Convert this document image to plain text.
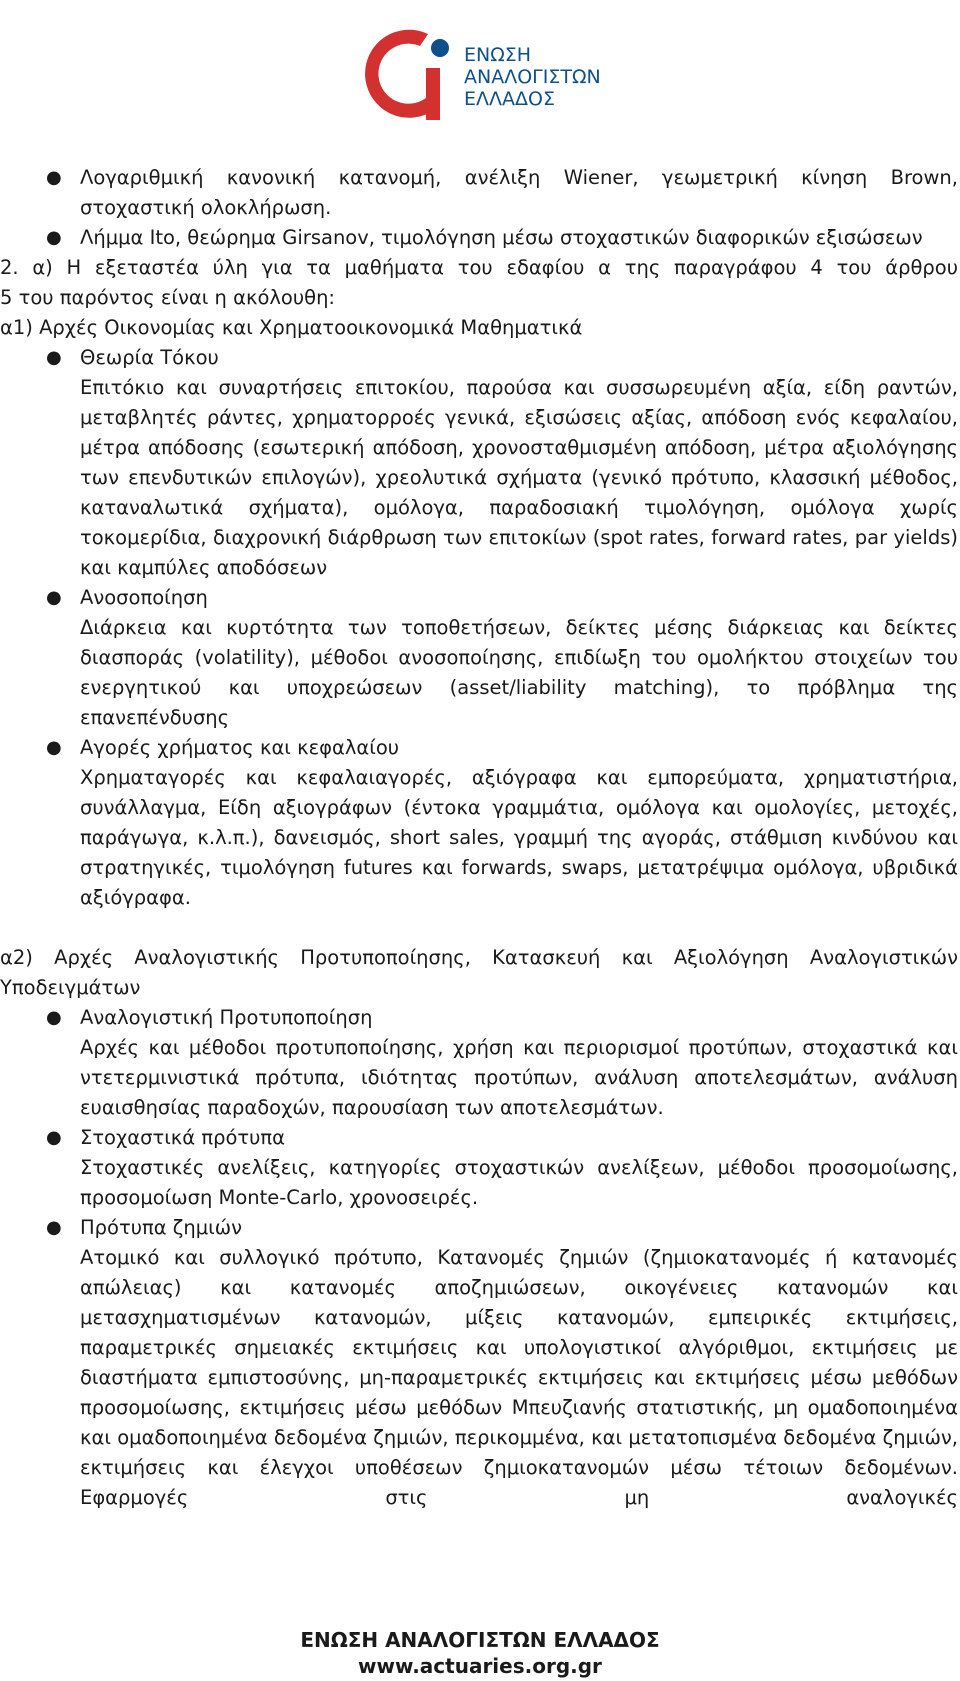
ΕΝΩΣΗ
ΑΝΑΛΟΓΙΣΤΩΝ
ΕΛΛΑΔΟΣ
● Λογαριθμική κανονική κατανομή, ανέλιξη Wiener, γεωμετρική κίνηση Brown, στοχαστική ολοκλήρωση.
● Λήμμα Ito, θεώρημα Girsanov, τιμολόγηση μέσω στοχαστικών διαφορικών εξισώσεων
2. α) Η εξεταστέα ύλη για τα μαθήματα του εδαφίου α της παραγράφου 4 του άρθρου
5 του παρόντος είναι η ακόλουθη:
α1) Αρχές Οικονομίας και Χρηματοοικονομικά Μαθηματικά
● Θεωρία Τόκου
Επιτόκιο και συναρτήσεις επιτοκίου, παρούσα και συσσωρευμένη αξία, είδη ραντών, μεταβλητές ράντες, χρηματορροές γενικά, εξισώσεις αξίας, απόδοση ενός κεφαλαίου, μέτρα απόδοσης (εσωτερική απόδοση, χρονοσταθμισμένη απόδοση, μέτρα αξιολόγησης των επενδυτικών επιλογών), χρεολυτικά σχήματα (γενικό πρότυπο, κλασσική μέθοδος, καταναλωτικά σχήματα), ομόλογα, παραδοσιακή τιμολόγηση, ομόλογα χωρίς τοκομερίδια, διαχρονική διάρθρωση των επιτοκίων (spot rates, forward rates, par yields) και καμπύλες αποδόσεων
● Ανοσοποίηση
Διάρκεια και κυρτότητα των τοποθετήσεων, δείκτες μέσης διάρκειας και δείκτες διασποράς (volatility), μέθοδοι ανοσοποίησης, επιδίωξη του ομολήκτου στοιχείων του ενεργητικού και υποχρεώσεων (asset/liability matching), το πρόβλημα της επανεπένδυσης
● Αγορές χρήματος και κεφαλαίου
Χρηματαγορές και κεφαλαιαγορές, αξιόγραφα και εμπορεύματα, χρηματιστήρια, συνάλλαγμα, Είδη αξιογράφων (έντοκα γραμμάτια, ομόλογα και ομολογίες, μετοχές, παράγωγα, κ.λ.π.), δανεισμός, short sales, γραμμή της αγοράς, στάθμιση κινδύνου και στρατηγικές, τιμολόγηση futures και forwards, swaps, μετατρέψιμα ομόλογα, υβριδικά αξιόγραφα.
α2) Αρχές Αναλογιστικής Προτυποποίησης, Κατασκευή και Αξιολόγηση Αναλογιστικών
Υποδειγμάτων
● Αναλογιστική Προτυποποίηση
Αρχές και μέθοδοι προτυποποίησης, χρήση και περιορισμοί προτύπων, στοχαστικά και ντετερμινιστικά πρότυπα, ιδιότητας προτύπων, ανάλυση αποτελεσμάτων, ανάλυση ευαισθησίας παραδοχών, παρουσίαση των αποτελεσμάτων.
● Στοχαστικά πρότυπα
Στοχαστικές ανελίξεις, κατηγορίες στοχαστικών ανελίξεων, μέθοδοι προσομοίωσης, προσομοίωση Monte-Carlo, χρονοσειρές.
● Πρότυπα ζημιών
Ατομικό και συλλογικό πρότυπο, Κατανομές ζημιών (ζημιοκατανομές ή κατανομές απώλειας) και κατανομές αποζημιώσεων, οικογένειες κατανομών και μετασχηματισμένων κατανομών, μίξεις κατανομών, εμπειρικές εκτιμήσεις, παραμετρικές σημειακές εκτιμήσεις και υπολογιστικοί αλγόριθμοι, εκτιμήσεις με διαστήματα εμπιστοσύνης, μη-παραμετρικές εκτιμήσεις και εκτιμήσεις μέσω μεθόδων προσομοίωσης, εκτιμήσεις μέσω μεθόδων Μπευζιανής στατιστικής, μη ομαδοποιημένα και ομαδοποιημένα δεδομένα ζημιών, περικομμένα, και μετατοπισμένα δεδομένα ζημιών, εκτιμήσεις και έλεγχοι υποθέσεων ζημιοκατανομών μέσω τέτοιων δεδομένων. Εφαρμογές στις μη αναλογικές
ΕΝΩΣΗ ΑΝΑΛΟΓΙΣΤΩΝ ΕΛΛΑΔΟΣ
www.actuaries.org.gr
